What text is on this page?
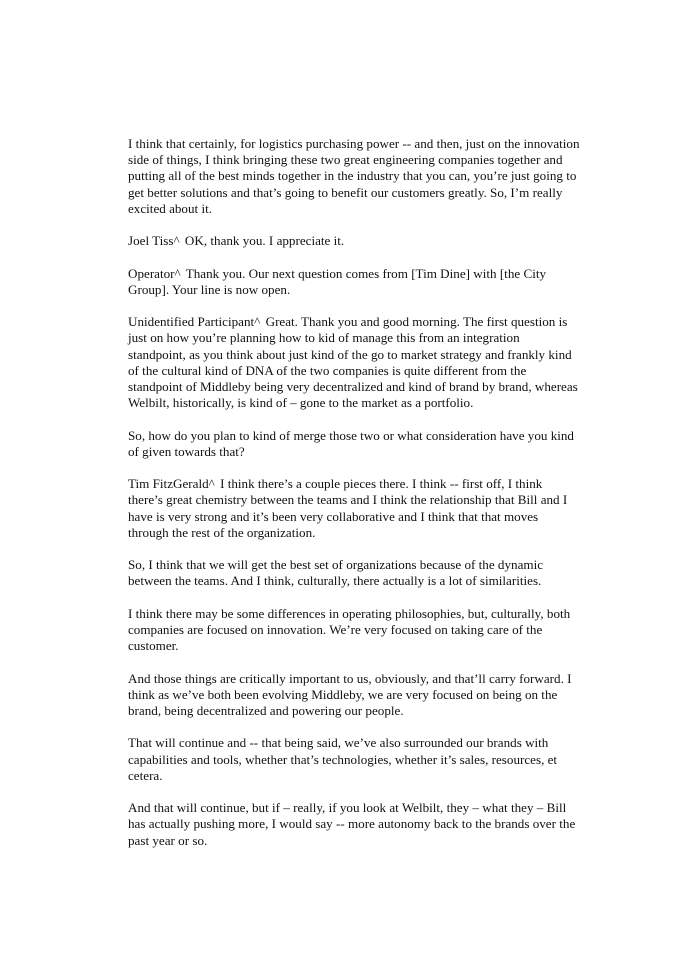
I think that certainly, for logistics purchasing power -- and then, just on the innovation side of things, I think bringing these two great engineering companies together and putting all of the best minds together in the industry that you can, you’re just going to get better solutions and that’s going to benefit our customers greatly. So, I’m really excited about it.

Joel Tiss^ OK, thank you. I appreciate it.

Operator^ Thank you. Our next question comes from [Tim Dine] with [the City Group]. Your line is now open.

Unidentified Participant^ Great. Thank you and good morning. The first question is just on how you’re planning how to kid of manage this from an integration standpoint, as you think about just kind of the go to market strategy and frankly kind of the cultural kind of DNA of the two companies is quite different from the standpoint of Middleby being very decentralized and kind of brand by brand, whereas Welbilt, historically, is kind of – gone to the market as a portfolio.

So, how do you plan to kind of merge those two or what consideration have you kind of given towards that?

Tim FitzGerald^ I think there’s a couple pieces there. I think -- first off, I think there’s great chemistry between the teams and I think the relationship that Bill and I have is very strong and it’s been very collaborative and I think that that moves through the rest of the organization.

So, I think that we will get the best set of organizations because of the dynamic between the teams. And I think, culturally, there actually is a lot of similarities.

I think there may be some differences in operating philosophies, but, culturally, both companies are focused on innovation. We’re very focused on taking care of the customer.

And those things are critically important to us, obviously, and that’ll carry forward. I think as we’ve both been evolving Middleby, we are very focused on being on the brand, being decentralized and powering our people.

That will continue and -- that being said, we’ve also surrounded our brands with capabilities and tools, whether that’s technologies, whether it’s sales, resources, et cetera.

And that will continue, but if – really, if you look at Welbilt, they – what they – Bill has actually pushing more, I would say -- more autonomy back to the brands over the past year or so.
